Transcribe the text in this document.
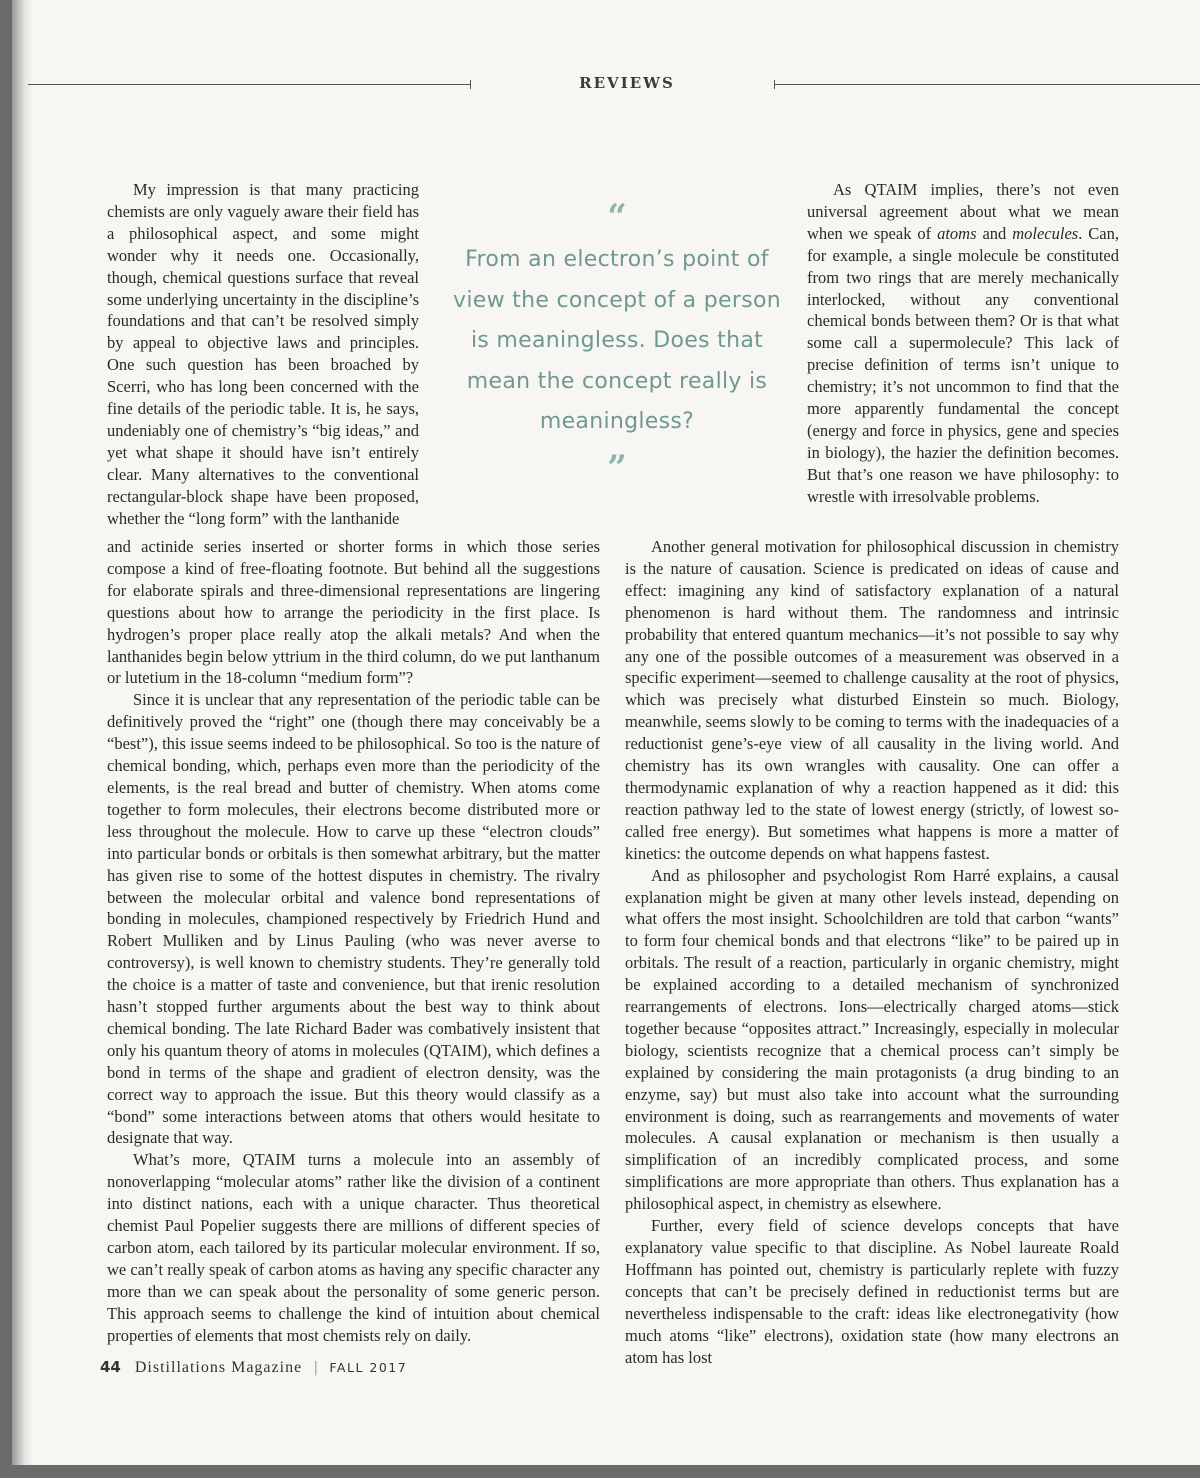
REVIEWS

My impression is that many practicing chemists are only vaguely aware their field has a philosophical aspect, and some might wonder why it needs one. Occasionally, though, chemical questions surface that reveal some underlying uncertainty in the discipline’s foundations and that can’t be resolved simply by appeal to objective laws and principles. One such question has been broached by Scerri, who has long been concerned with the fine details of the periodic table. It is, he says, undeniably one of chemistry’s “big ideas,” and yet what shape it should have isn’t entirely clear. Many alternatives to the conventional rectangular-block shape have been proposed, whether the “long form” with the lanthanide

“
From an electron’s point of view the concept of a person is meaningless. Does that mean the concept really is meaningless?
”

As QTAIM implies, there’s not even universal agreement about what we mean when we speak of atoms and molecules. Can, for example, a single molecule be constituted from two rings that are merely mechanically interlocked, without any conventional chemical bonds between them? Or is that what some call a supermolecule? This lack of precise definition of terms isn’t unique to chemistry; it’s not uncommon to find that the more apparently fundamental the concept (energy and force in physics, gene and species in biology), the hazier the definition becomes. But that’s one reason we have philosophy: to wrestle with irresolvable problems.

and actinide series inserted or shorter forms in which those series compose a kind of free-floating footnote. But behind all the suggestions for elaborate spirals and three-dimensional representations are lingering questions about how to arrange the periodicity in the first place. Is hydrogen’s proper place really atop the alkali metals? And when the lanthanides begin below yttrium in the third column, do we put lanthanum or lutetium in the 18-column “medium form”?

Since it is unclear that any representation of the periodic table can be definitively proved the “right” one (though there may conceivably be a “best”), this issue seems indeed to be philosophical. So too is the nature of chemical bonding, which, perhaps even more than the periodicity of the elements, is the real bread and butter of chemistry. When atoms come together to form molecules, their electrons become distributed more or less throughout the molecule. How to carve up these “electron clouds” into particular bonds or orbitals is then somewhat arbitrary, but the matter has given rise to some of the hottest disputes in chemistry. The rivalry between the molecular orbital and valence bond representations of bonding in molecules, championed respectively by Friedrich Hund and Robert Mulliken and by Linus Pauling (who was never averse to controversy), is well known to chemistry students. They’re generally told the choice is a matter of taste and convenience, but that irenic resolution hasn’t stopped further arguments about the best way to think about chemical bonding. The late Richard Bader was combatively insistent that only his quantum theory of atoms in molecules (QTAIM), which defines a bond in terms of the shape and gradient of electron density, was the correct way to approach the issue. But this theory would classify as a “bond” some interactions between atoms that others would hesitate to designate that way.

What’s more, QTAIM turns a molecule into an assembly of nonoverlapping “molecular atoms” rather like the division of a continent into distinct nations, each with a unique character. Thus theoretical chemist Paul Popelier suggests there are millions of different species of carbon atom, each tailored by its particular molecular environment. If so, we can’t really speak of carbon atoms as having any specific character any more than we can speak about the personality of some generic person. This approach seems to challenge the kind of intuition about chemical properties of elements that most chemists rely on daily.

Another general motivation for philosophical discussion in chemistry is the nature of causation. Science is predicated on ideas of cause and effect: imagining any kind of satisfactory explanation of a natural phenomenon is hard without them. The randomness and intrinsic probability that entered quantum mechanics—it’s not possible to say why any one of the possible outcomes of a measurement was observed in a specific experiment—seemed to challenge causality at the root of physics, which was precisely what disturbed Einstein so much. Biology, meanwhile, seems slowly to be coming to terms with the inadequacies of a reductionist gene’s-eye view of all causality in the living world. And chemistry has its own wrangles with causality. One can offer a thermodynamic explanation of why a reaction happened as it did: this reaction pathway led to the state of lowest energy (strictly, of lowest so-called free energy). But sometimes what happens is more a matter of kinetics: the outcome depends on what happens fastest.

And as philosopher and psychologist Rom Harré explains, a causal explanation might be given at many other levels instead, depending on what offers the most insight. Schoolchildren are told that carbon “wants” to form four chemical bonds and that electrons “like” to be paired up in orbitals. The result of a reaction, particularly in organic chemistry, might be explained according to a detailed mechanism of synchronized rearrangements of electrons. Ions—electrically charged atoms—stick together because “opposites attract.” Increasingly, especially in molecular biology, scientists recognize that a chemical process can’t simply be explained by considering the main protagonists (a drug binding to an enzyme, say) but must also take into account what the surrounding environment is doing, such as rearrangements and movements of water molecules. A causal explanation or mechanism is then usually a simplification of an incredibly complicated process, and some simplifications are more appropriate than others. Thus explanation has a philosophical aspect, in chemistry as elsewhere.

Further, every field of science develops concepts that have explanatory value specific to that discipline. As Nobel laureate Roald Hoffmann has pointed out, chemistry is particularly replete with fuzzy concepts that can’t be precisely defined in reductionist terms but are nevertheless indispensable to the craft: ideas like electronegativity (how much atoms “like” electrons), oxidation state (how many electrons an atom has lost

44 Distillations Magazine | FALL 2017
